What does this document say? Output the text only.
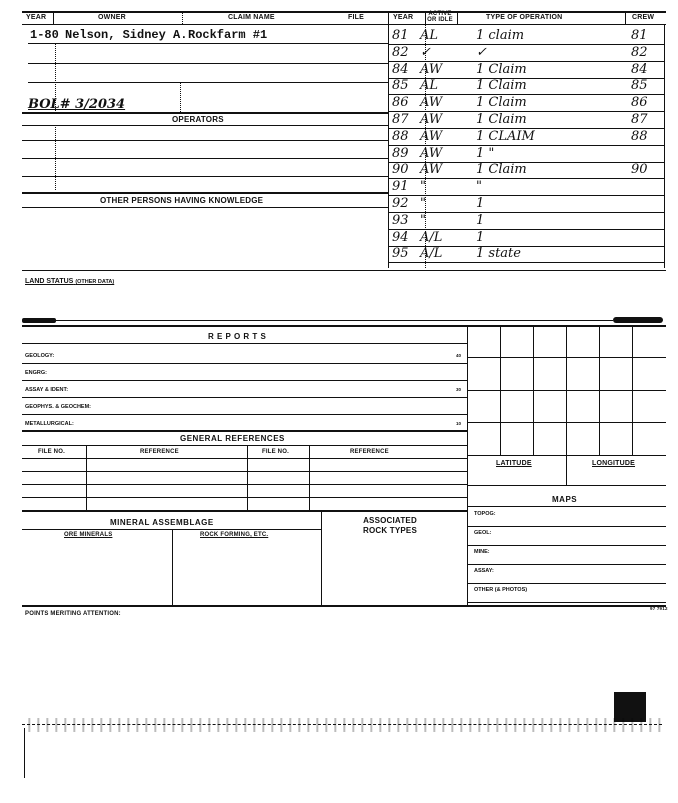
YEAR	OWNER	CLAIM NAME	FILE	YEAR	ACTIVE OR IDLE	TYPE OF OPERATION	CREW
1-80 Nelson, Sidney A. Rockfarm #1
BOL# 3/2034
OPERATORS
OTHER PERSONS HAVING KNOWLEDGE
81 AL	1 claim	81
82 ✓	✓	82
84 AW	1 Claim	84
85 AL	1 Claim	85
86 AW	1 Claim	86
87 AW	1 Claim	87
88 AW	1 CLAIM	88
89 AW	1 "
90 AW	1 Claim	90
91 "	"
92 "	1
93 "	1
94 A/L	1
95 A/L	1 state
LAND STATUS (OTHER DATA)
R E P O R T S
GEOLOGY:	40
ENGRG:
ASSAY & IDENT:	30
GEOPHYS. & GEOCHEM:
METALLURGICAL:	10
LATITUDE	LONGITUDE
MAPS
TOPOG:
GEOL:
MINE:
ASSAY:
OTHER (& PHOTOS)
GENERAL REFERENCES
FILE NO.	REFERENCE	FILE NO.	REFERENCE
MINERAL ASSEMBLAGE	ASSOCIATED ROCK TYPES
ORE MINERALS	ROCK FORMING, ETC.
POINTS MERITING ATTENTION:
97 7912
